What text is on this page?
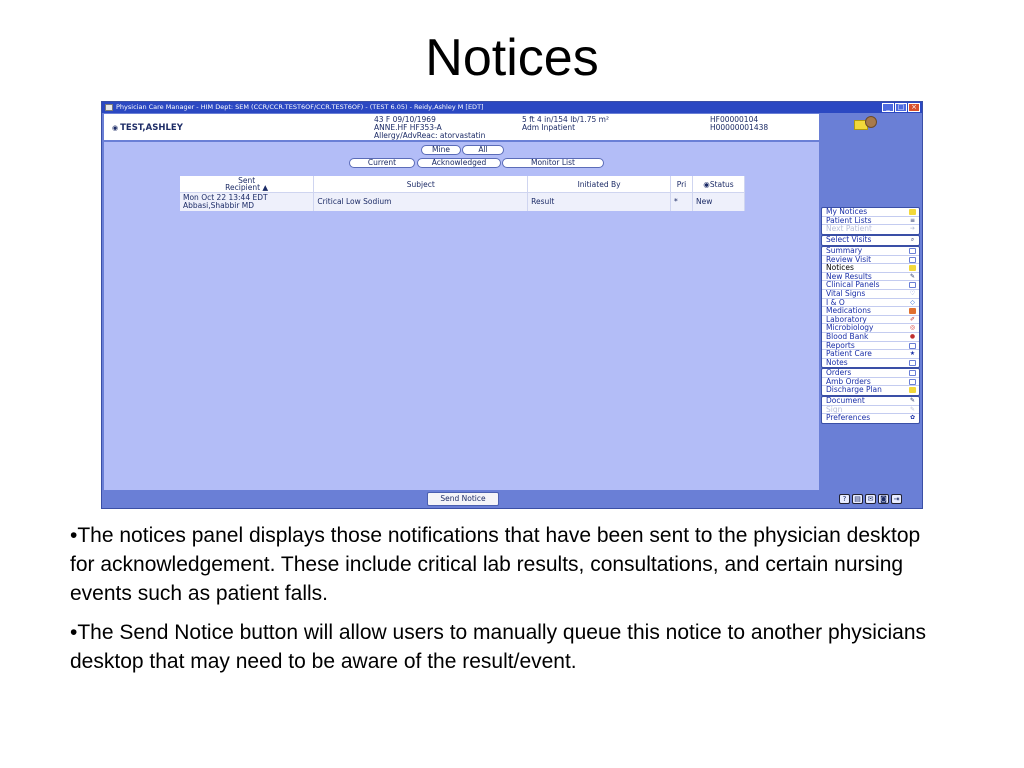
Notices
Physician Care Manager - HIM Dept: SEM (CCR/CCR.TEST6OF/CCR.TEST6OF) - (TEST 6.05) - Reidy,Ashley M [EDT]	_	□ ×
◉ TEST,ASHLEY
43 F 09/10/1969
ANNE.HF HF353-A
Allergy/AdvReac: atorvastatin
5 ft 4 in/154 lb/1.75 m²
Adm Inpatient
HF00000104
H00000001438
Mine	All
Current	Acknowledged	Monitor List
Sent
Recipient ▲	Subject	Initiated By	Pri	◉Status
Mon Oct 22 13:44 EDT
Abbasi,Shabbir MD	Critical Low Sodium	Result	*	New
My Notices
Patient Lists	≡
Next Patient	➔
Select Visits	⌕
Summary
Review Visit
Notices
New Results	✎
Clinical Panels
Vital Signs	♡
I & O	◇
Medications
Laboratory	✐
Microbiology	◎
Blood Bank	●
Reports
Patient Care	★
Notes
Orders
Amb Orders
Discharge Plan
Document	✎
Sign	✎
Preferences	✿
Send Notice	?	▤ ✉ ◙ ⇥

•The notices panel displays those notifications that have been sent to the physician desktop for acknowledgement. These include critical lab results, consultations, and certain nursing events such as patient falls.

•The Send Notice button will allow users to manually queue this notice to another physicians desktop that may need to be aware of the result/event.
